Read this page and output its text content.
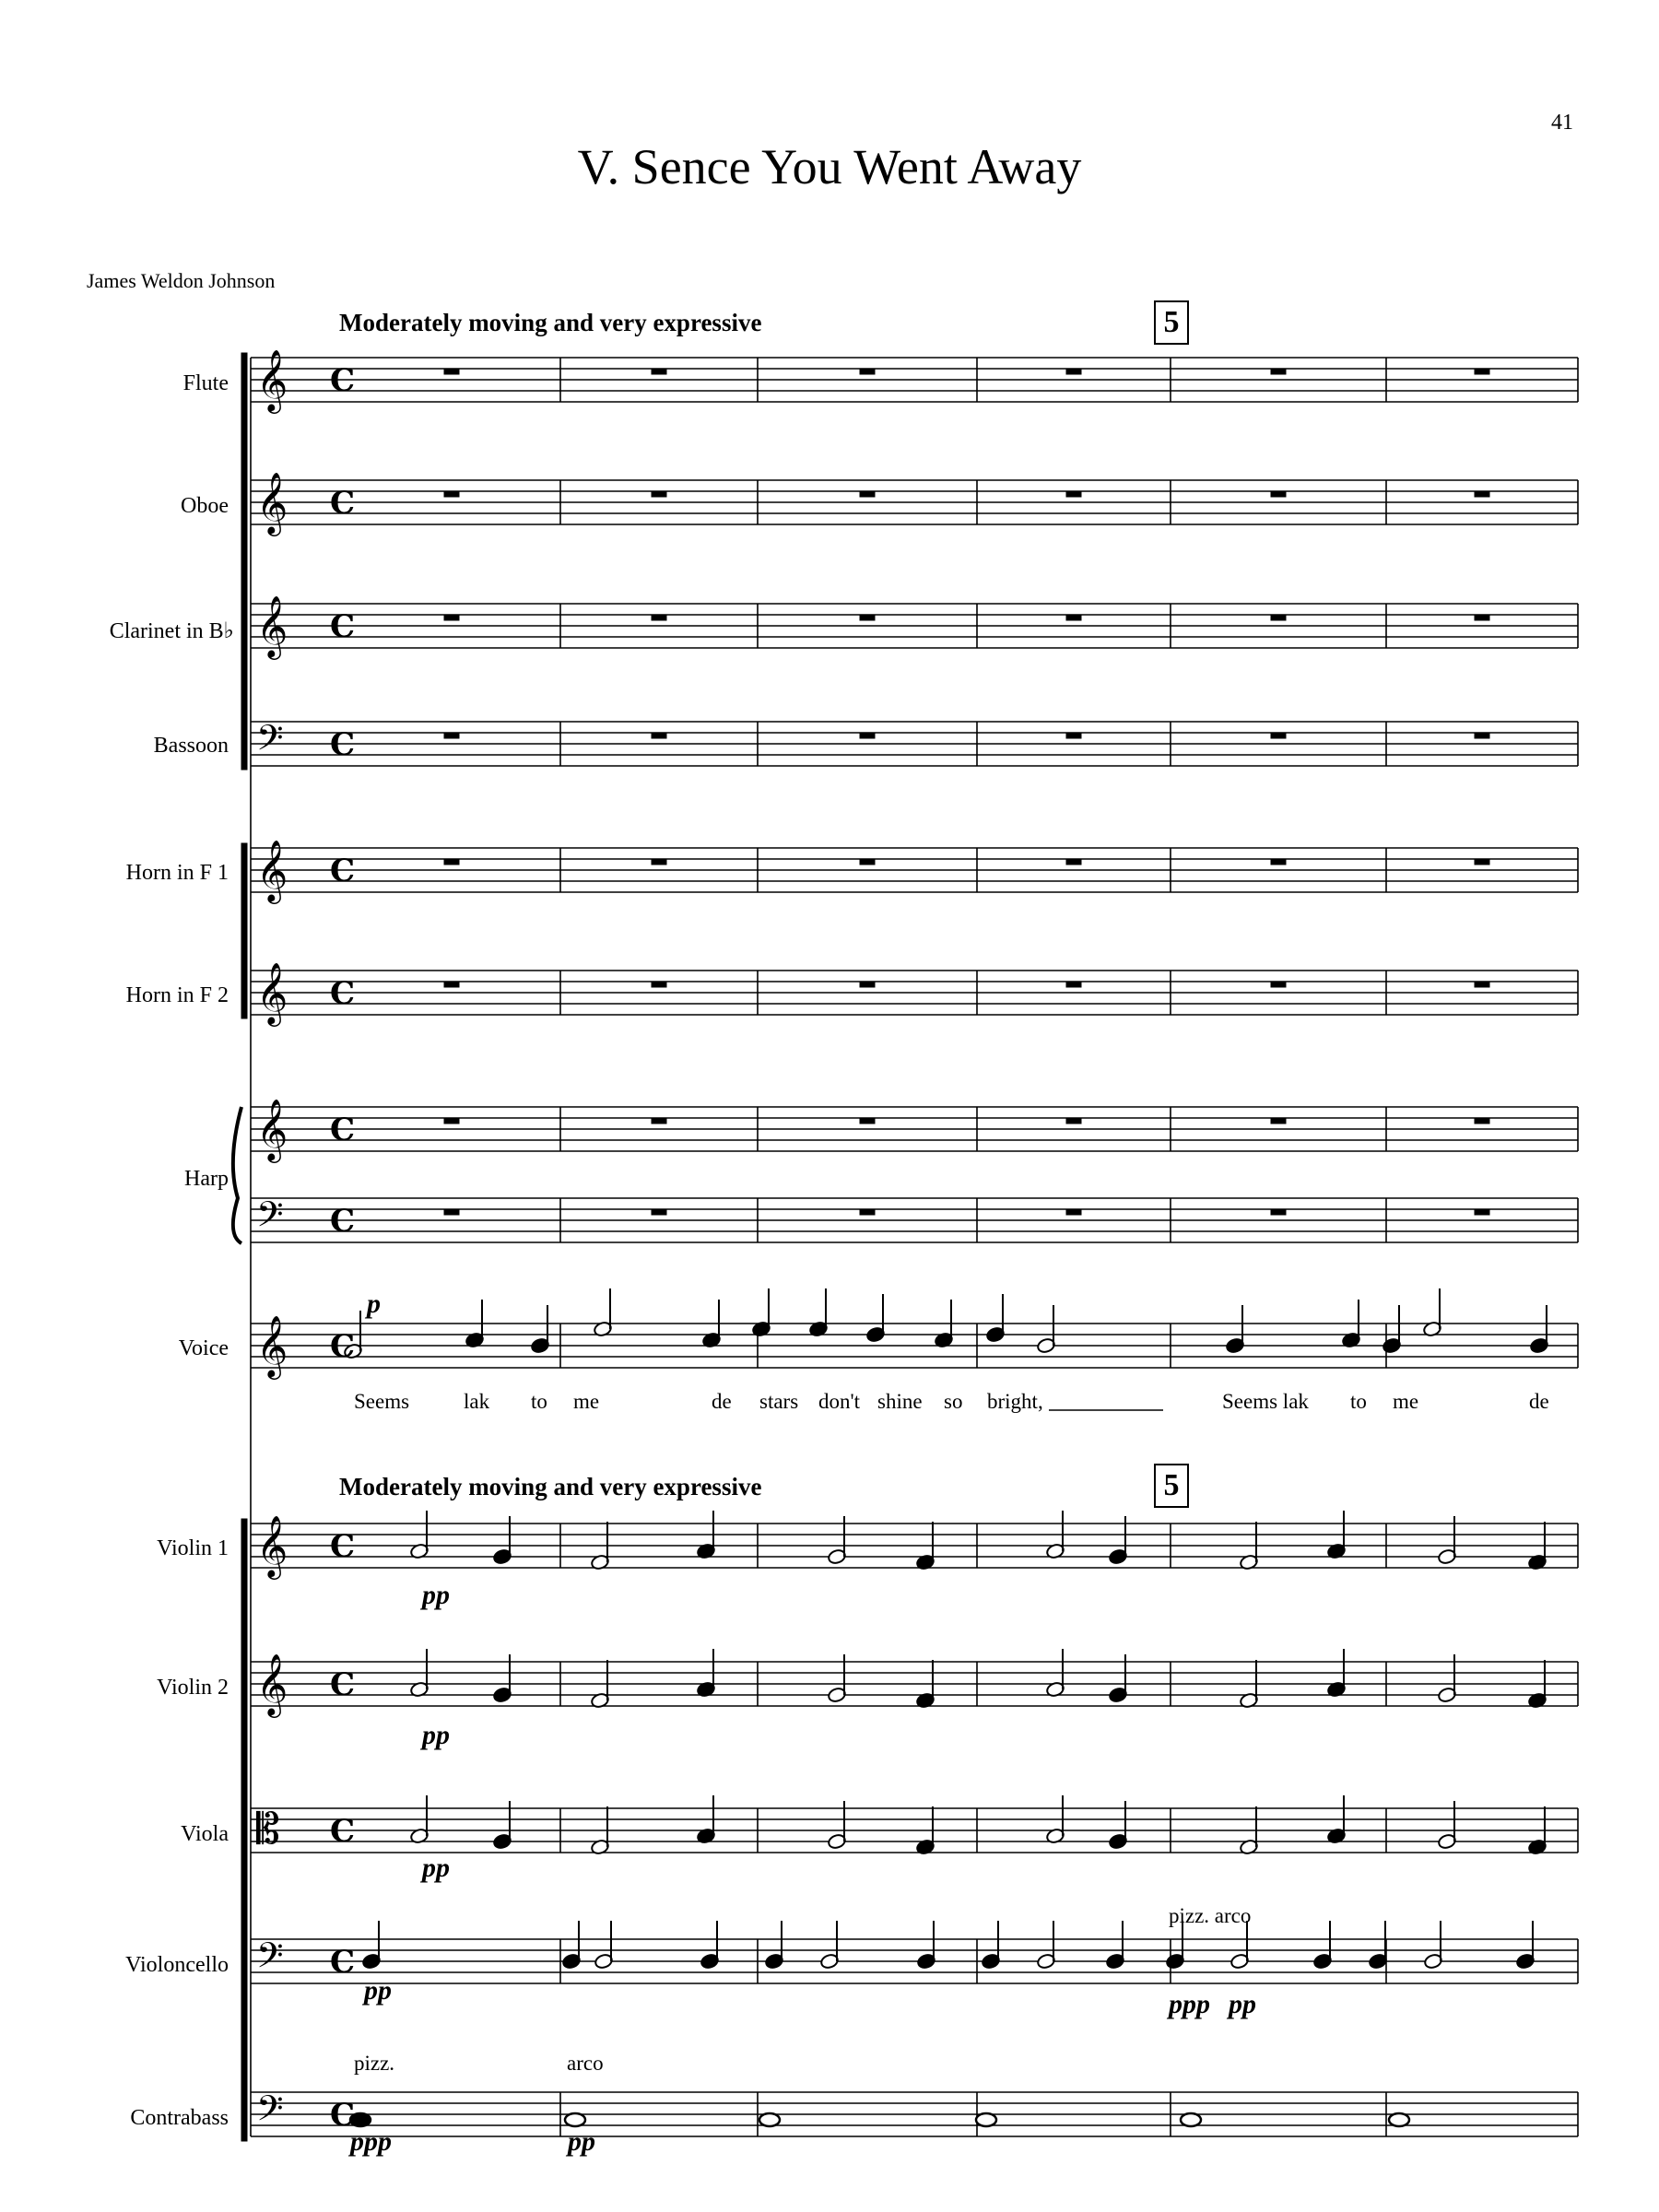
41
V. Sence You Went Away
James Weldon Johnson
Moderately moving and very expressive	5
Moderately moving and very expressive	5
Flute
Oboe
Clarinet in B♭
Bassoon
Horn in F 1
Horn in F 2
Harp
Voice
Violin 1
Violin 2
Viola
Violoncello
Contrabass
𝄞 C
𝄞 C
𝄞 C
𝄢 C
𝄞 C
𝄞 C
𝄞 C
𝄢 C
𝄞 C
𝄞 C
𝄞 C
𝄡 C
𝄢 C
𝄢 C
p
Seems	lak to me	de stars don't shine so bright,	Seems lak to me	de
pp
pp
pp
pp	ppp pp
pizz. arco
pizz.
ppp
arco
pp
